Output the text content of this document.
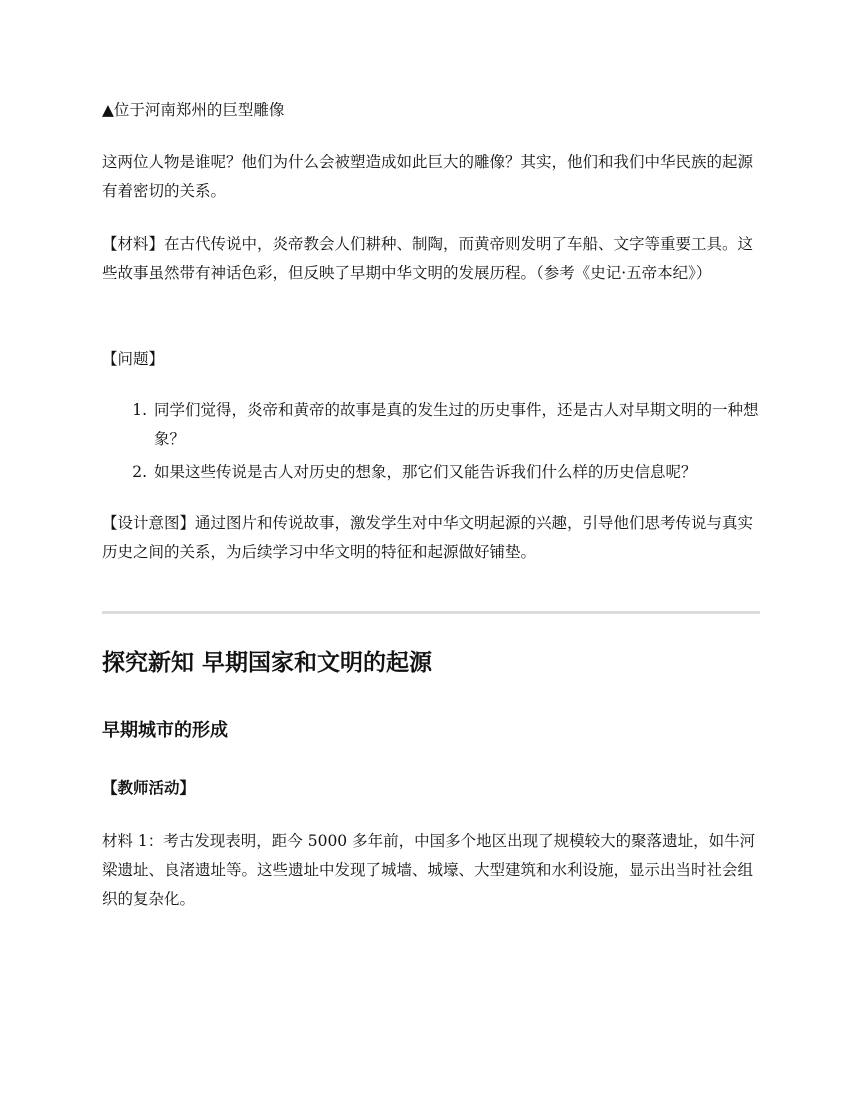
▲位于河南郑州的巨型雕像

这两位人物是谁呢？他们为什么会被塑造成如此巨大的雕像？其实，他们和我们中华民族的起源有着密切的关系。

【材料】在古代传说中，炎帝教会人们耕种、制陶，而黄帝则发明了车船、文字等重要工具。这些故事虽然带有神话色彩，但反映了早期中华文明的发展历程。（参考《史记·五帝本纪》）

【问题】

1. 同学们觉得，炎帝和黄帝的故事是真的发生过的历史事件，还是古人对早期文明的一种想象？
2. 如果这些传说是古人对历史的想象，那它们又能告诉我们什么样的历史信息呢？

【设计意图】通过图片和传说故事，激发学生对中华文明起源的兴趣，引导他们思考传说与真实历史之间的关系，为后续学习中华文明的特征和起源做好铺垫。

探究新知 早期国家和文明的起源
早期城市的形成
【教师活动】

材料 1：考古发现表明，距今 5000 多年前，中国多个地区出现了规模较大的聚落遗址，如牛河梁遗址、良渚遗址等。这些遗址中发现了城墙、城壕、大型建筑和水利设施，显示出当时社会组织的复杂化。
